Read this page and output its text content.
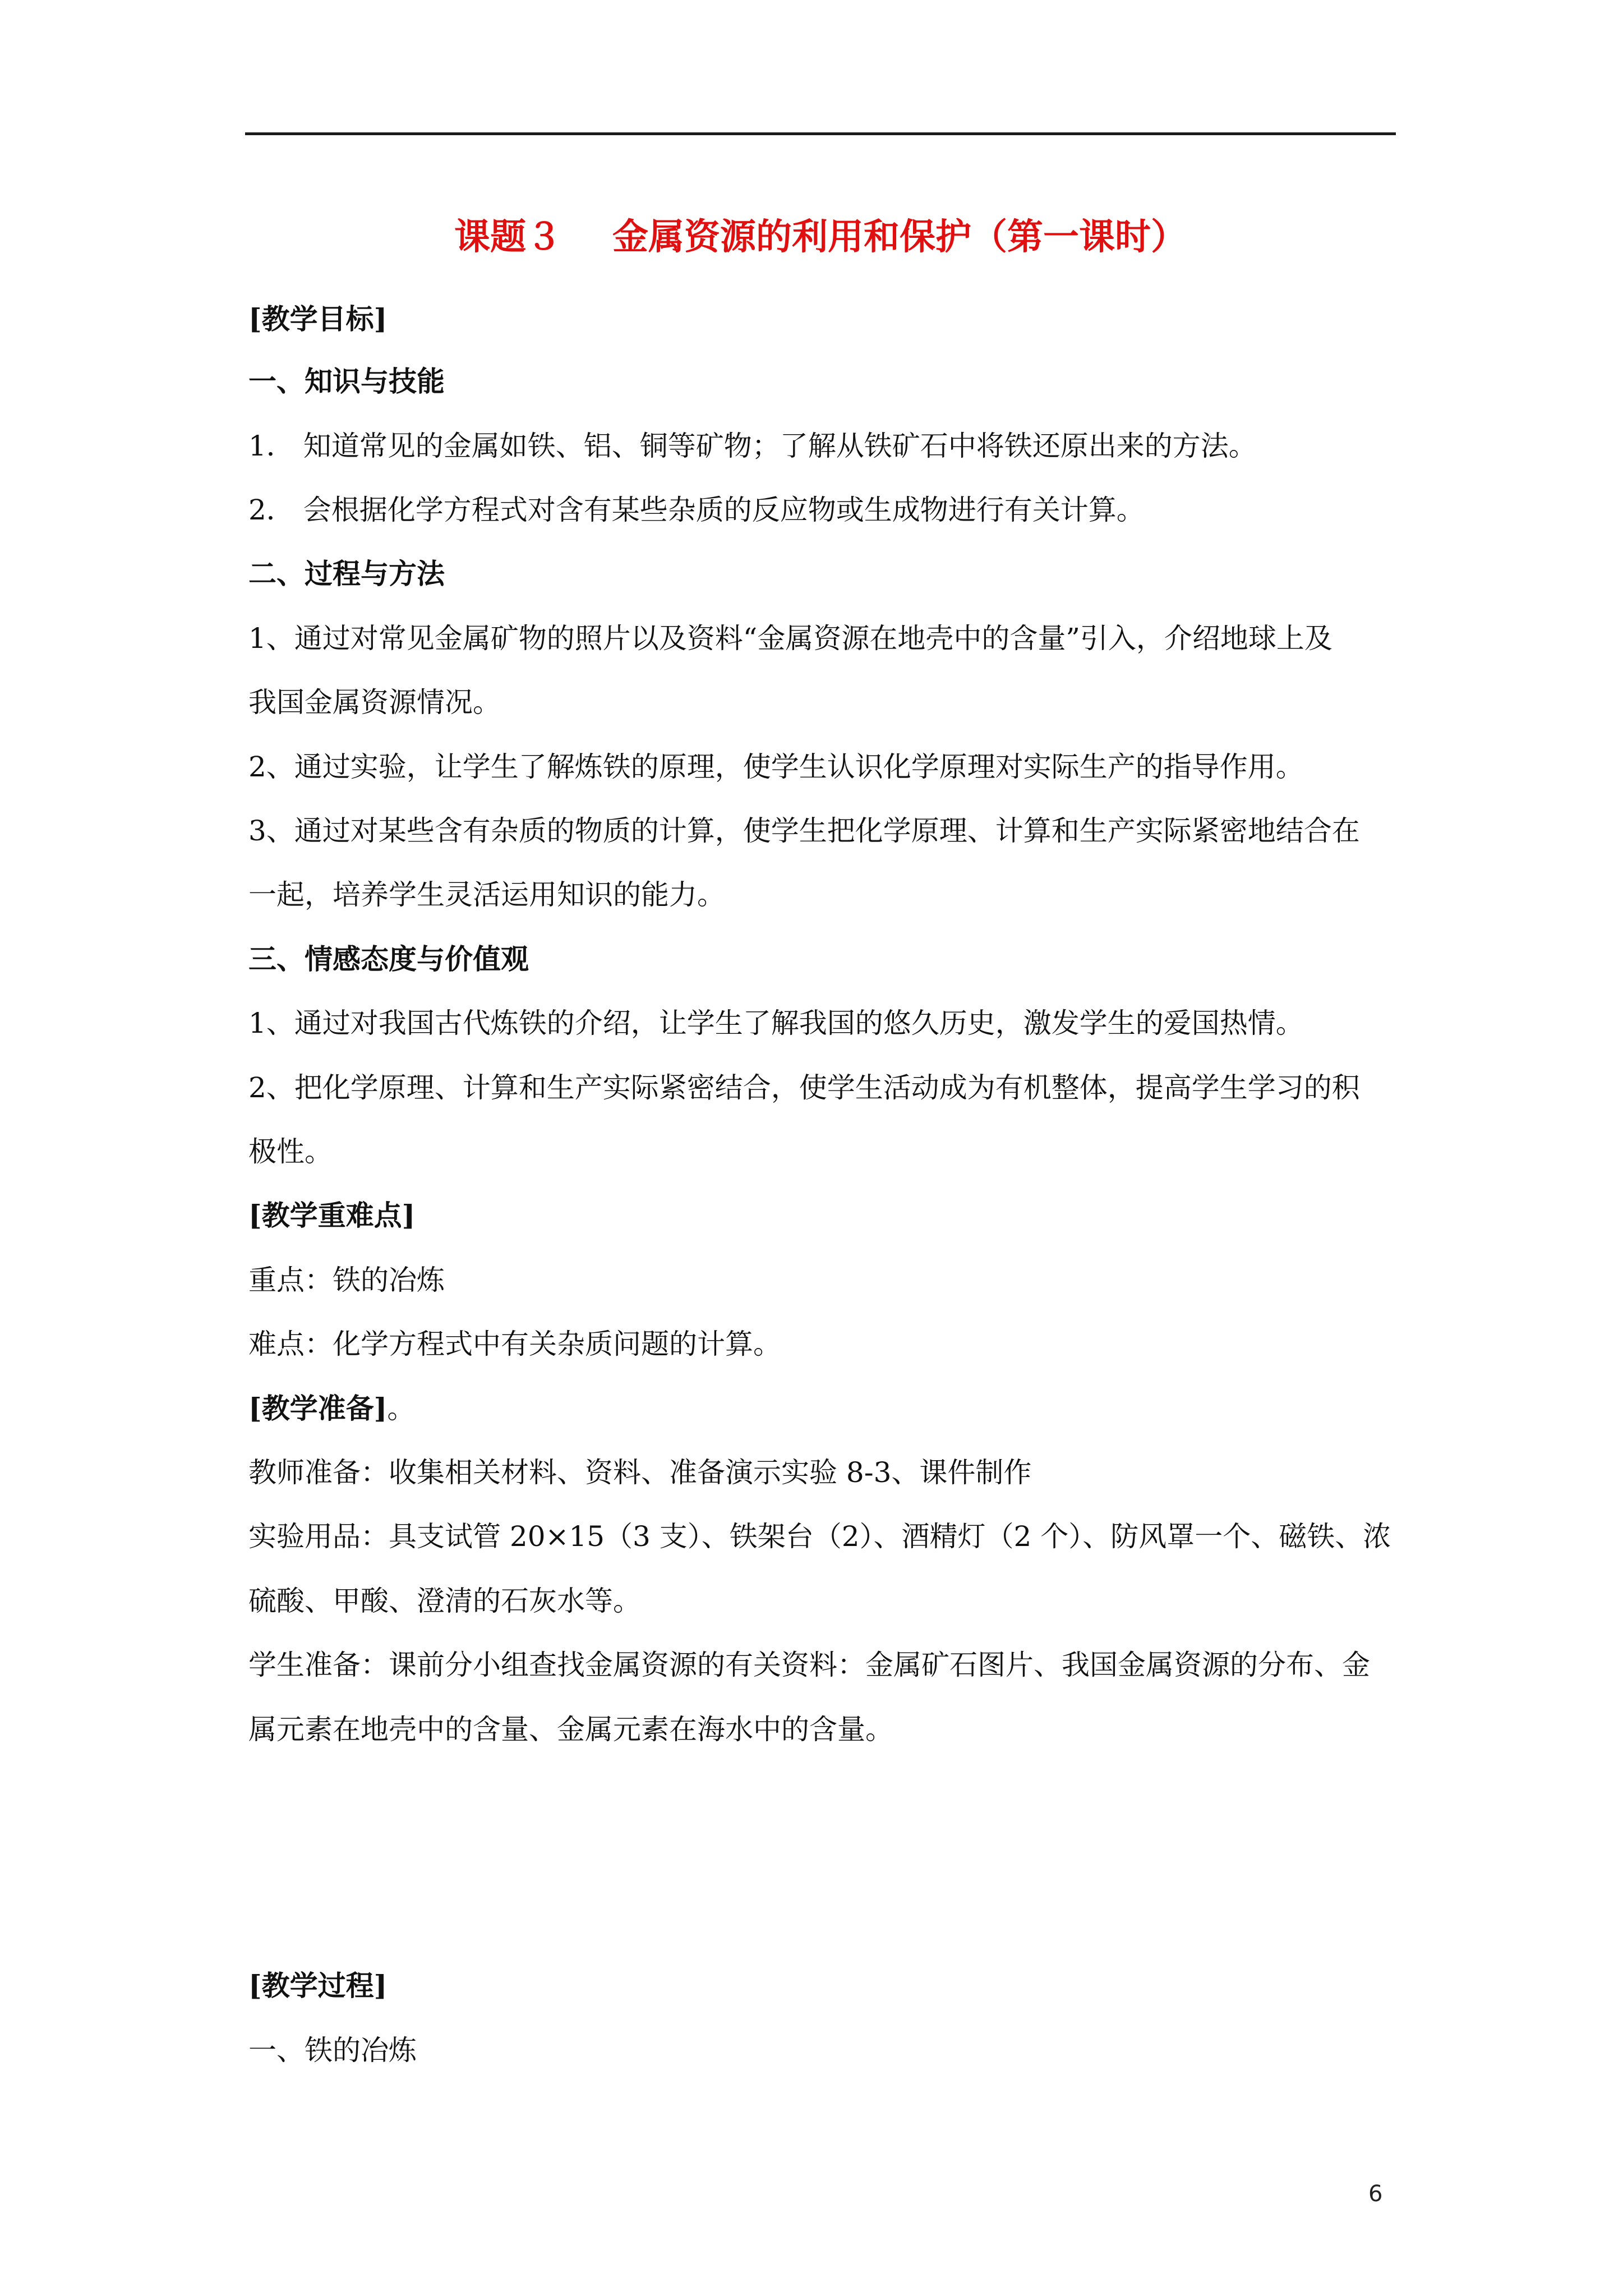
课题３ 金属资源的利用和保护（第一课时）

[教学目标]

一、知识与技能

1． 知道常见的金属如铁、铝、铜等矿物；了解从铁矿石中将铁还原出来的方法。

2． 会根据化学方程式对含有某些杂质的反应物或生成物进行有关计算。

二、过程与方法

1、通过对常见金属矿物的照片以及资料“金属资源在地壳中的含量”引入，介绍地球上及

我国金属资源情况。

2、通过实验，让学生了解炼铁的原理，使学生认识化学原理对实际生产的指导作用。

3、通过对某些含有杂质的物质的计算，使学生把化学原理、计算和生产实际紧密地结合在

一起，培养学生灵活运用知识的能力。

三、情感态度与价值观

1、通过对我国古代炼铁的介绍，让学生了解我国的悠久历史，激发学生的爱国热情。

2、把化学原理、计算和生产实际紧密结合，使学生活动成为有机整体，提高学生学习的积

极性。

[教学重难点]

重点：铁的冶炼

难点：化学方程式中有关杂质问题的计算。

[教学准备]。

教师准备：收集相关材料、资料、准备演示实验 8-3、课件制作

实验用品：具支试管 20×15（3 支）、铁架台（2）、酒精灯（2 个）、防风罩一个、磁铁、浓

硫酸、甲酸、澄清的石灰水等。

学生准备：课前分小组查找金属资源的有关资料：金属矿石图片、我国金属资源的分布、金

属元素在地壳中的含量、金属元素在海水中的含量。

[教学过程]

一、铁的冶炼

6
